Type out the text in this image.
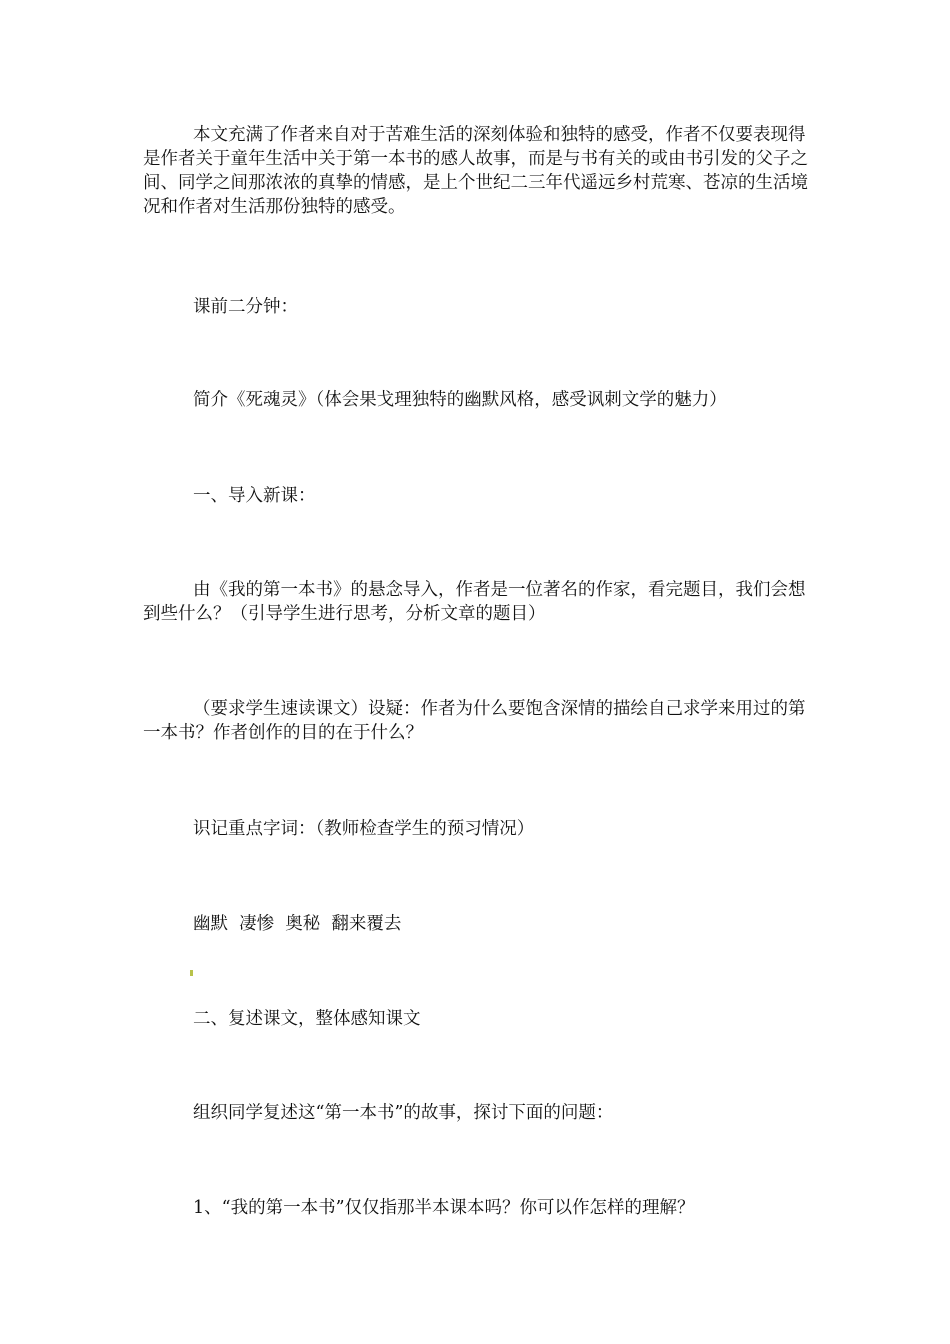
本文充满了作者来自对于苦难生活的深刻体验和独特的感受，作者不仅要表现得是作者关于童年生活中关于第一本书的感人故事，而是与书有关的或由书引发的父子之间、同学之间那浓浓的真挚的情感，是上个世纪二三年代遥远乡村荒寒、苍凉的生活境况和作者对生活那份独特的感受。

课前二分钟：

简介《死魂灵》（体会果戈理独特的幽默风格，感受讽刺文学的魅力）

一、导入新课：

由《我的第一本书》的悬念导入，作者是一位著名的作家，看完题目，我们会想到些什么？（引导学生进行思考，分析文章的题目）

（要求学生速读课文）设疑：作者为什么要饱含深情的描绘自己求学来用过的第一本书？作者创作的目的在于什么？

识记重点字词：（教师检查学生的预习情况）

幽默  凄惨  奥秘  翻来覆去

二、复述课文，整体感知课文

组织同学复述这“第一本书”的故事，探讨下面的问题：

1、“我的第一本书”仅仅指那半本课本吗？你可以作怎样的理解？
